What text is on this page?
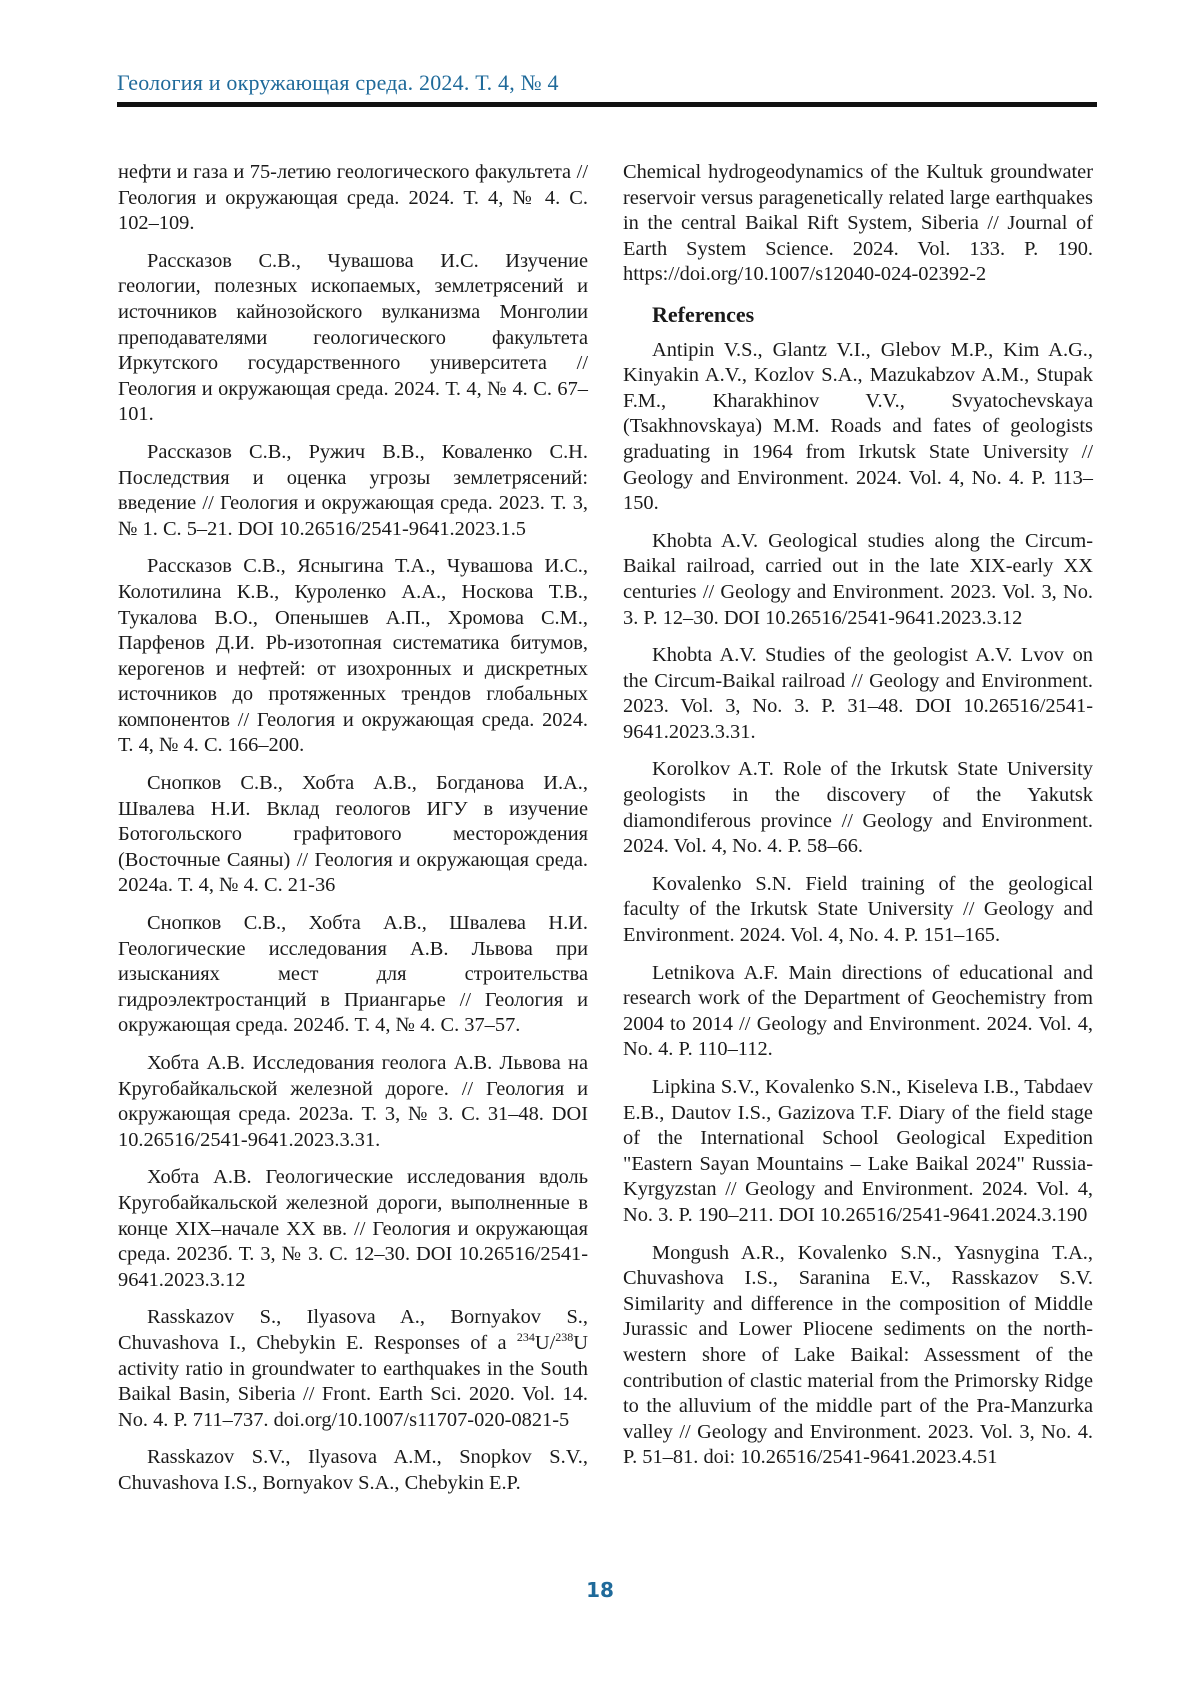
Геология и окружающая среда. 2024. Т. 4, № 4

нефти и газа и 75-летию геологического факультета // Геология и окружающая среда. 2024. Т. 4, № 4. С. 102–109.

Рассказов С.В., Чувашова И.С. Изучение геологии, полезных ископаемых, землетрясений и источников кайнозойского вулканизма Монголии преподавателями геологического факультета Иркутского государственного университета // Геология и окружающая среда. 2024. Т. 4, № 4. С. 67–101.

Рассказов С.В., Ружич В.В., Коваленко С.Н. Последствия и оценка угрозы землетрясений: введение // Геология и окружающая среда. 2023. Т. 3, № 1. С. 5–21. DOI 10.26516/2541-9641.2023.1.5

Рассказов С.В., Ясныгина Т.А., Чувашова И.С., Колотилина К.В., Куроленко А.А., Носкова Т.В., Тукалова В.О., Опенышев А.П., Хромова С.М., Парфенов Д.И. Pb-изотопная систематика битумов, керогенов и нефтей: от изохронных и дискретных источников до протяженных трендов глобальных компонентов // Геология и окружающая среда. 2024. Т. 4, № 4. С. 166–200.

Снопков С.В., Хобта А.В., Богданова И.А., Швалева Н.И. Вклад геологов ИГУ в изучение Ботогольского графитового месторождения (Восточные Саяны) // Геология и окружающая среда. 2024а. Т. 4, № 4. С. 21-36

Снопков С.В., Хобта А.В., Швалева Н.И. Геологические исследования А.В. Львова при изысканиях мест для строительства гидроэлектростанций в Приангарье // Геология и окружающая среда. 2024б. Т. 4, № 4. С. 37–57.

Хобта А.В. Исследования геолога А.В. Львова на Кругобайкальской железной дороге. // Геология и окружающая среда. 2023а. Т. 3, № 3. С. 31–48. DOI 10.26516/2541-9641.2023.3.31.

Хобта А.В. Геологические исследования вдоль Кругобайкальской железной дороги, выполненные в конце XIX–начале XX вв. // Геология и окружающая среда. 2023б. Т. 3, № 3. С. 12–30. DOI 10.26516/2541-9641.2023.3.12

Rasskazov S., Ilyasova A., Bornyakov S., Chuvashova I., Chebykin E. Responses of a $^{234}$U/$^{238}$U activity ratio in groundwater to earthquakes in the South Baikal Basin, Siberia // Front. Earth Sci. 2020. Vol. 14. No. 4. P. 711–737. doi.org/10.1007/s11707-020-0821-5

Rasskazov S.V., Ilyasova A.M., Snopkov S.V., Chuvashova I.S., Bornyakov S.A., Chebykin E.P.

Chemical hydrogeodynamics of the Kultuk groundwater reservoir versus paragenetically related large earthquakes in the central Baikal Rift System, Siberia // Journal of Earth System Science. 2024. Vol. 133. P. 190. https://doi.org/10.1007/s12040-024-02392-2

References

Antipin V.S., Glantz V.I., Glebov M.P., Kim A.G., Kinyakin A.V., Kozlov S.A., Mazukabzov A.M., Stupak F.M., Kharakhinov V.V., Svyatochevskaya (Tsakhnovskaya) M.M. Roads and fates of geologists graduating in 1964 from Irkutsk State University // Geology and Environment. 2024. Vol. 4, No. 4. P. 113–150.

Khobta A.V. Geological studies along the Circum-Baikal railroad, carried out in the late XIX-early XX centuries // Geology and Environment. 2023. Vol. 3, No. 3. P. 12–30. DOI 10.26516/2541-9641.2023.3.12

Khobta A.V. Studies of the geologist A.V. Lvov on the Circum-Baikal railroad // Geology and Environment. 2023. Vol. 3, No. 3. P. 31–48. DOI 10.26516/2541-9641.2023.3.31.

Korolkov A.T. Role of the Irkutsk State University geologists in the discovery of the Yakutsk diamondiferous province // Geology and Environment. 2024. Vol. 4, No. 4. P. 58–66.

Kovalenko S.N. Field training of the geological faculty of the Irkutsk State University // Geology and Environment. 2024. Vol. 4, No. 4. P. 151–165.

Letnikova A.F. Main directions of educational and research work of the Department of Geochemistry from 2004 to 2014 // Geology and Environment. 2024. Vol. 4, No. 4. P. 110–112.

Lipkina S.V., Kovalenko S.N., Kiseleva I.B., Tabdaev E.B., Dautov I.S., Gazizova T.F. Diary of the field stage of the International School Geological Expedition "Eastern Sayan Mountains – Lake Baikal 2024" Russia-Kyrgyzstan // Geology and Environment. 2024. Vol. 4, No. 3. P. 190–211. DOI 10.26516/2541-9641.2024.3.190

Mongush A.R., Kovalenko S.N., Yasnygina T.A., Chuvashova I.S., Saranina E.V., Rasskazov S.V. Similarity and difference in the composition of Middle Jurassic and Lower Pliocene sediments on the north-western shore of Lake Baikal: Assessment of the contribution of clastic material from the Primorsky Ridge to the alluvium of the middle part of the Pra-Manzurka valley // Geology and Environment. 2023. Vol. 3, No. 4. P. 51–81. doi: 10.26516/2541-9641.2023.4.51

18
